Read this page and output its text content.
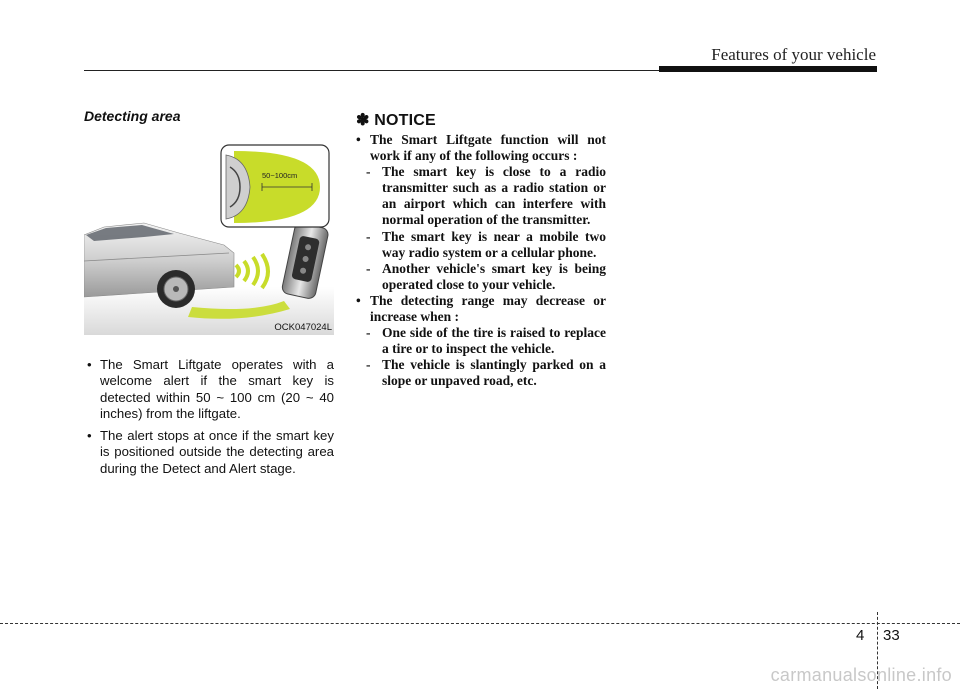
Features of your vehicle
Detecting area
50~100cm
OCK047024L
• The Smart Liftgate operates with a welcome alert if the smart key is detected within 50 ~ 100 cm (20 ~ 40 inches) from the liftgate.
• The alert stops at once if the smart key is positioned outside the detecting area during the Detect and Alert stage.
✽ NOTICE
• The Smart Liftgate function will not work if any of the following occurs :
- The smart key is close to a radio transmitter such as a radio station or an airport which can interfere with normal operation of the transmitter.
- The smart key is near a mobile two way radio system or a cellular phone.
- Another vehicle's smart key is being operated close to your vehicle.
• The detecting range may decrease or increase when :
- One side of the tire is raised to replace a tire or to inspect the vehicle.
- The vehicle is slantingly parked on a slope or unpaved road, etc.
4 33
carmanualsonline.info
